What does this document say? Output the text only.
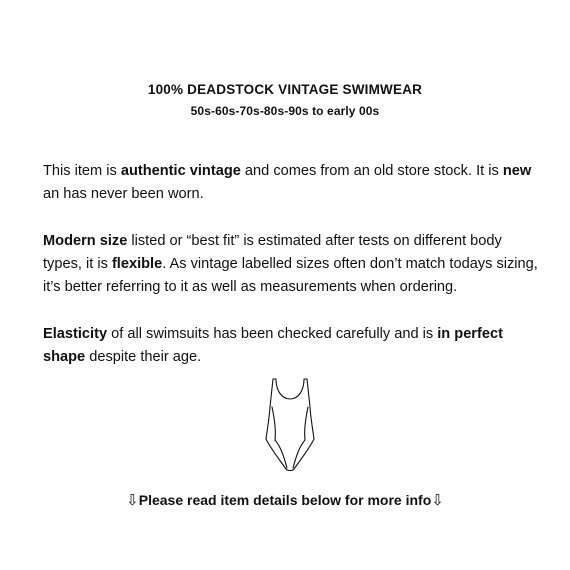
100% DEADSTOCK VINTAGE SWIMWEAR
50s-60s-70s-80s-90s to early 00s
This item is authentic vintage and comes from an old store stock. It is new an has never been worn.
Modern size listed or “best fit” is estimated after tests on different body types, it is flexible. As vintage labelled sizes often don’t match todays sizing, it’s better referring to it as well as measurements when ordering.
Elasticity of all swimsuits has been checked carefully and is in perfect shape despite their age.
⇩Please read item details below for more info⇩
